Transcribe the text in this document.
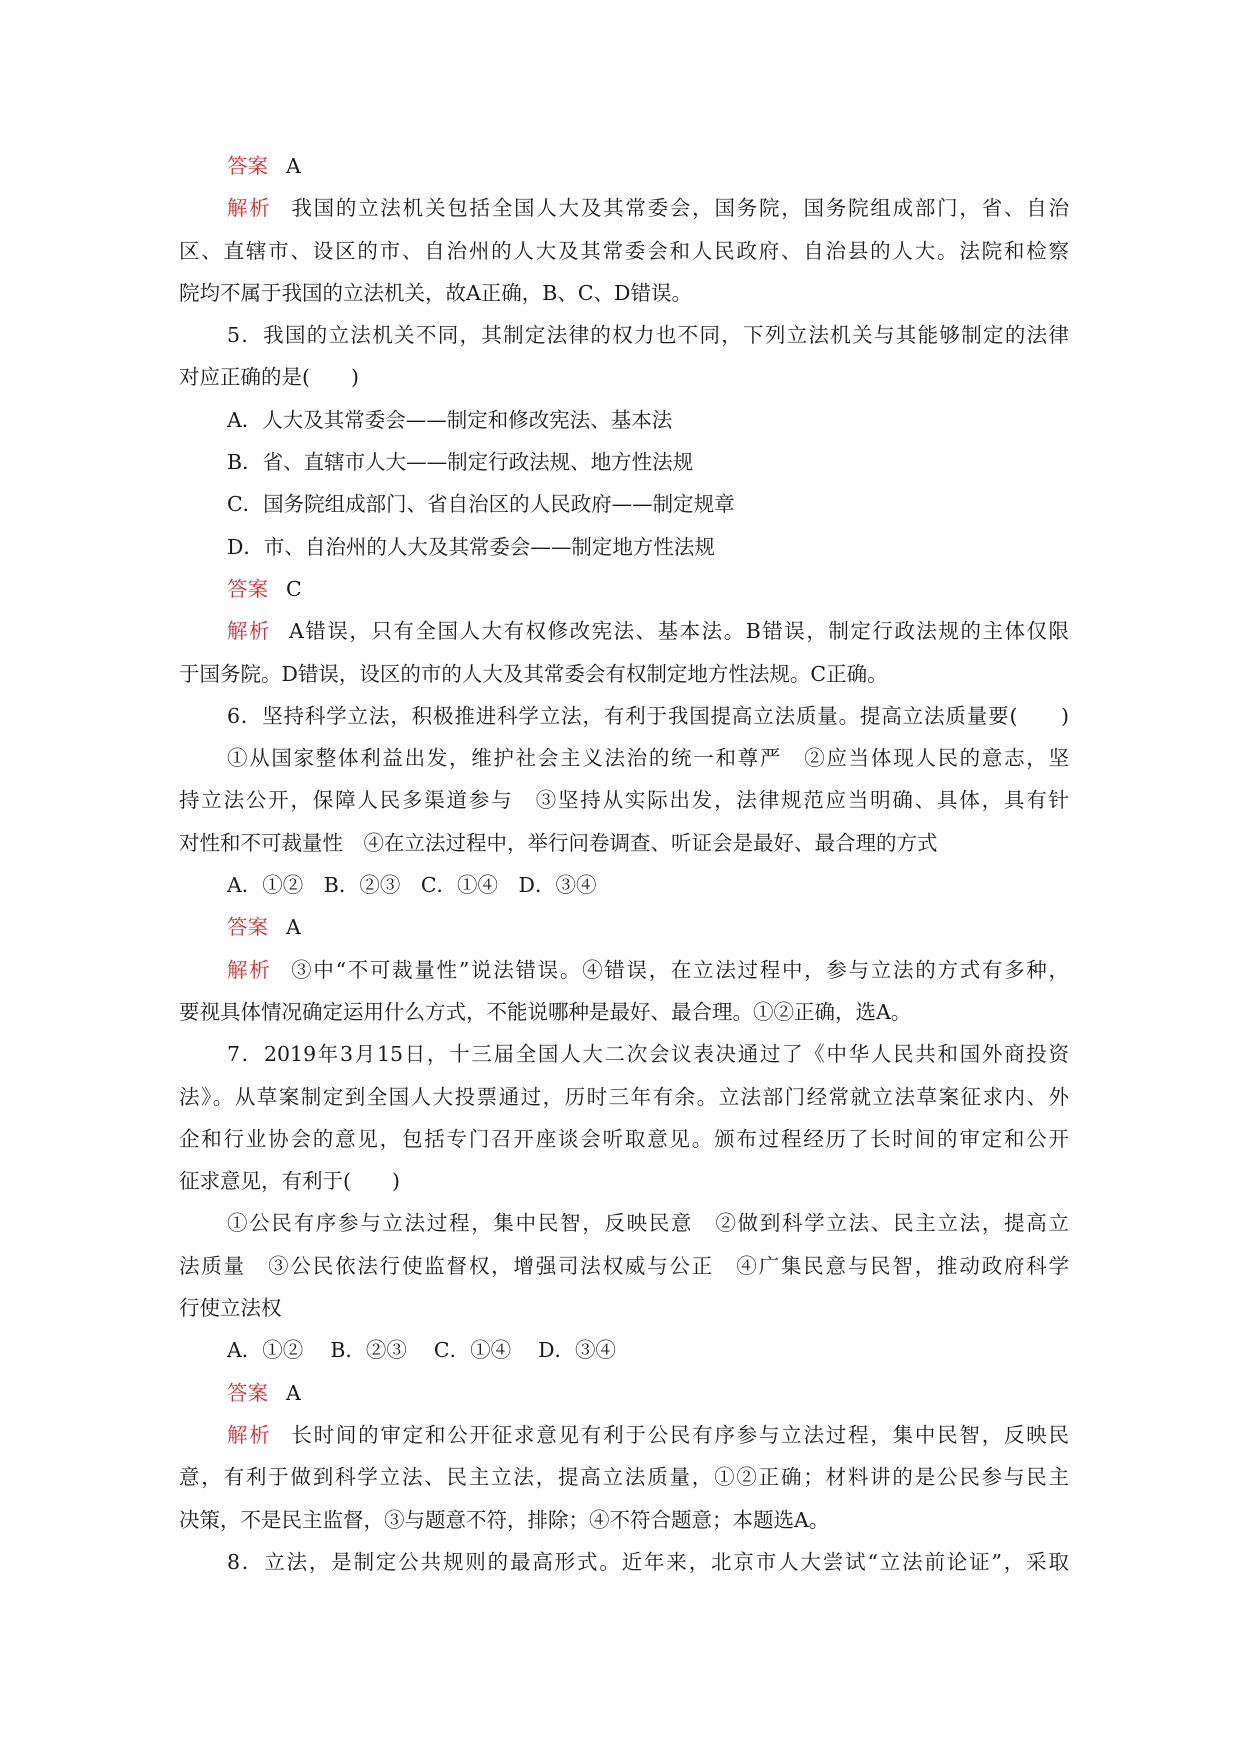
答案 A
解析 我国的立法机关包括全国人大及其常委会，国务院，国务院组成部门，省、自治
区、直辖市、设区的市、自治州的人大及其常委会和人民政府、自治县的人大。法院和检察
院均不属于我国的立法机关，故A正确，B、C、D错误。
5．我国的立法机关不同，其制定法律的权力也不同，下列立法机关与其能够制定的法律
对应正确的是(　　)
A．人大及其常委会——制定和修改宪法、基本法
B．省、直辖市人大——制定行政法规、地方性法规
C．国务院组成部门、省自治区的人民政府——制定规章
D．市、自治州的人大及其常委会——制定地方性法规
答案 C
解析 A错误，只有全国人大有权修改宪法、基本法。B错误，制定行政法规的主体仅限
于国务院。D错误，设区的市的人大及其常委会有权制定地方性法规。C正确。
6．坚持科学立法，积极推进科学立法，有利于我国提高立法质量。提高立法质量要(　　)
①从国家整体利益出发，维护社会主义法治的统一和尊严　②应当体现人民的意志，坚
持立法公开，保障人民多渠道参与　③坚持从实际出发，法律规范应当明确、具体，具有针
对性和不可裁量性　④在立法过程中，举行问卷调查、听证会是最好、最合理的方式
A．①②　B．②③　C．①④　D．③④
答案 A
解析 ③中“不可裁量性”说法错误。④错误，在立法过程中，参与立法的方式有多种，
要视具体情况确定运用什么方式，不能说哪种是最好、最合理。①②正确，选A。
7．2019年3月15日，十三届全国人大二次会议表决通过了《中华人民共和国外商投资
法》。从草案制定到全国人大投票通过，历时三年有余。立法部门经常就立法草案征求内、外
企和行业协会的意见，包括专门召开座谈会听取意见。颁布过程经历了长时间的审定和公开
征求意见，有利于(　　)
①公民有序参与立法过程，集中民智，反映民意　②做到科学立法、民主立法，提高立
法质量　③公民依法行使监督权，增强司法权威与公正　④广集民意与民智，推动政府科学
行使立法权
A．①②　 B．②③　 C．①④　 D．③④
答案 A
解析 长时间的审定和公开征求意见有利于公民有序参与立法过程，集中民智，反映民
意，有利于做到科学立法、民主立法，提高立法质量，①②正确；材料讲的是公民参与民主
决策，不是民主监督，③与题意不符，排除；④不符合题意；本题选A。
8．立法，是制定公共规则的最高形式。近年来，北京市人大尝试“立法前论证”，采取
